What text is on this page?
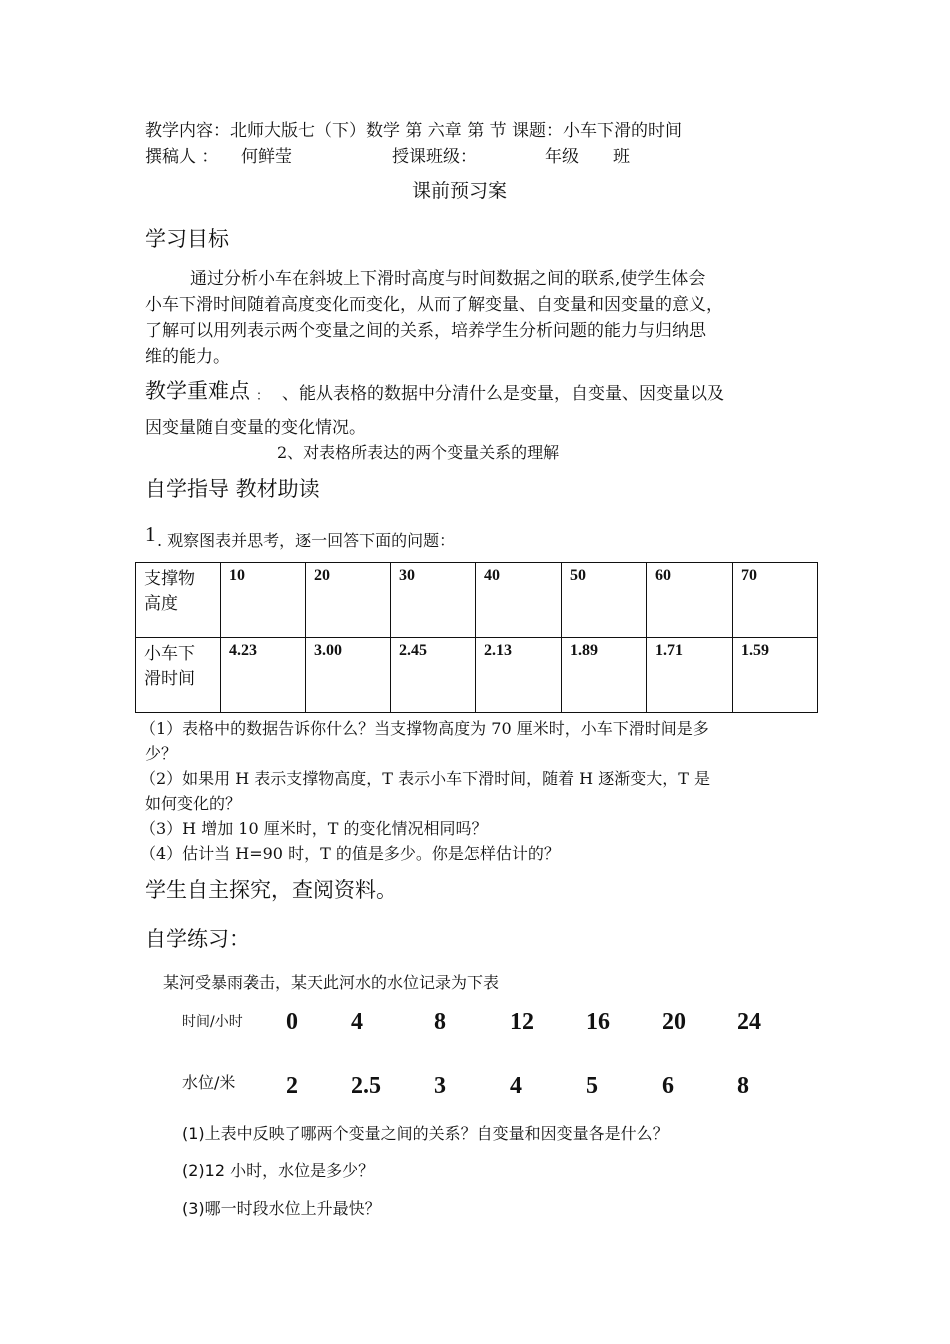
教学内容：北师大版七（下）数学 第 六章 第 节 课题：小车下滑的时间
撰稿人 ： 何鲜莹	授课班级：	年级 班
课前预习案
学习目标
通过分析小车在斜坡上下滑时高度与时间数据之间的联系,使学生体会
小车下滑时间随着高度变化而变化，从而了解变量、自变量和因变量的意义，
了解可以用列表示两个变量之间的关系，培养学生分析问题的能力与归纳思
维的能力。
教学重难点 ： 、能从表格的数据中分清什么是变量，自变量、因变量以及
因变量随自变量的变化情况。
2、对表格所表达的两个变量关系的理解
自学指导 教材助读
1 . 观察图表并思考，逐一回答下面的问题：
支撑物
高度	10	20	30	40	50	60	70

小车下
滑时间	4.23	3.00	2.45	2.13	1.89	1.71	1.59
（1）表格中的数据告诉你什么？当支撑物高度为 70 厘米时，小车下滑时间是多
少？
（2）如果用 H 表示支撑物高度，T 表示小车下滑时间，随着 H 逐渐变大，T 是
如何变化的？
（3）H 增加 10 厘米时，T 的变化情况相同吗？
（4）估计当 H=90 时，T 的值是多少。你是怎样估计的？
学生自主探究，查阅资料。
自学练习：
某河受暴雨袭击，某天此河水的水位记录为下表
时间/小时 0 4	8	12 16 20 24
水位/米 2 2.5 3	4	5	6	8
(1)上表中反映了哪两个变量之间的关系？自变量和因变量各是什么？
(2)12 小时，水位是多少？
(3)哪一时段水位上升最快？
